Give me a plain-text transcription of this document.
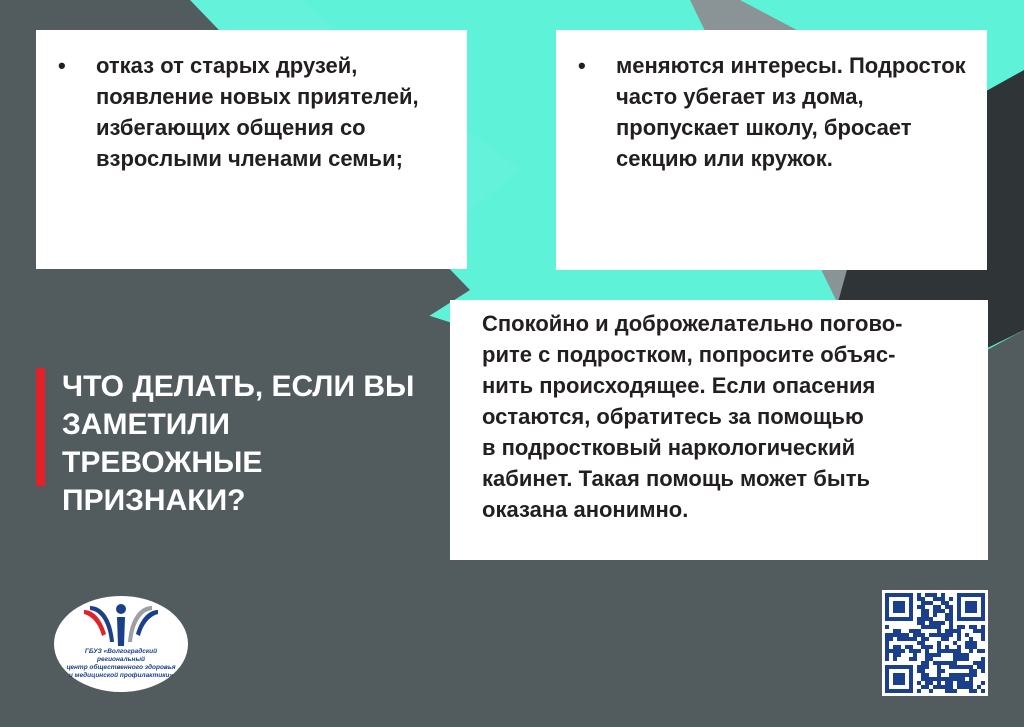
• отказ от старых друзей, появление новых приятелей, избегающих общения со взрослыми членами семьи;
• меняются интересы. Подросток часто убегает из дома, пропускает школу, бросает секцию или кружок.

Спокойно и доброжелательно погово-
рите с подростком, попросите объяс-
нить происходящее. Если опасения
остаются, обратитесь за помощью
в подростковый наркологический
кабинет. Такая помощь может быть
оказана анонимно.

ЧТО ДЕЛАТЬ, ЕСЛИ ВЫ
ЗАМЕТИЛИ ТРЕВОЖНЫЕ
ПРИЗНАКИ?
ГБУЗ «Волгоградский региональный
центр общественного здоровья
и медицинской профилактики»
